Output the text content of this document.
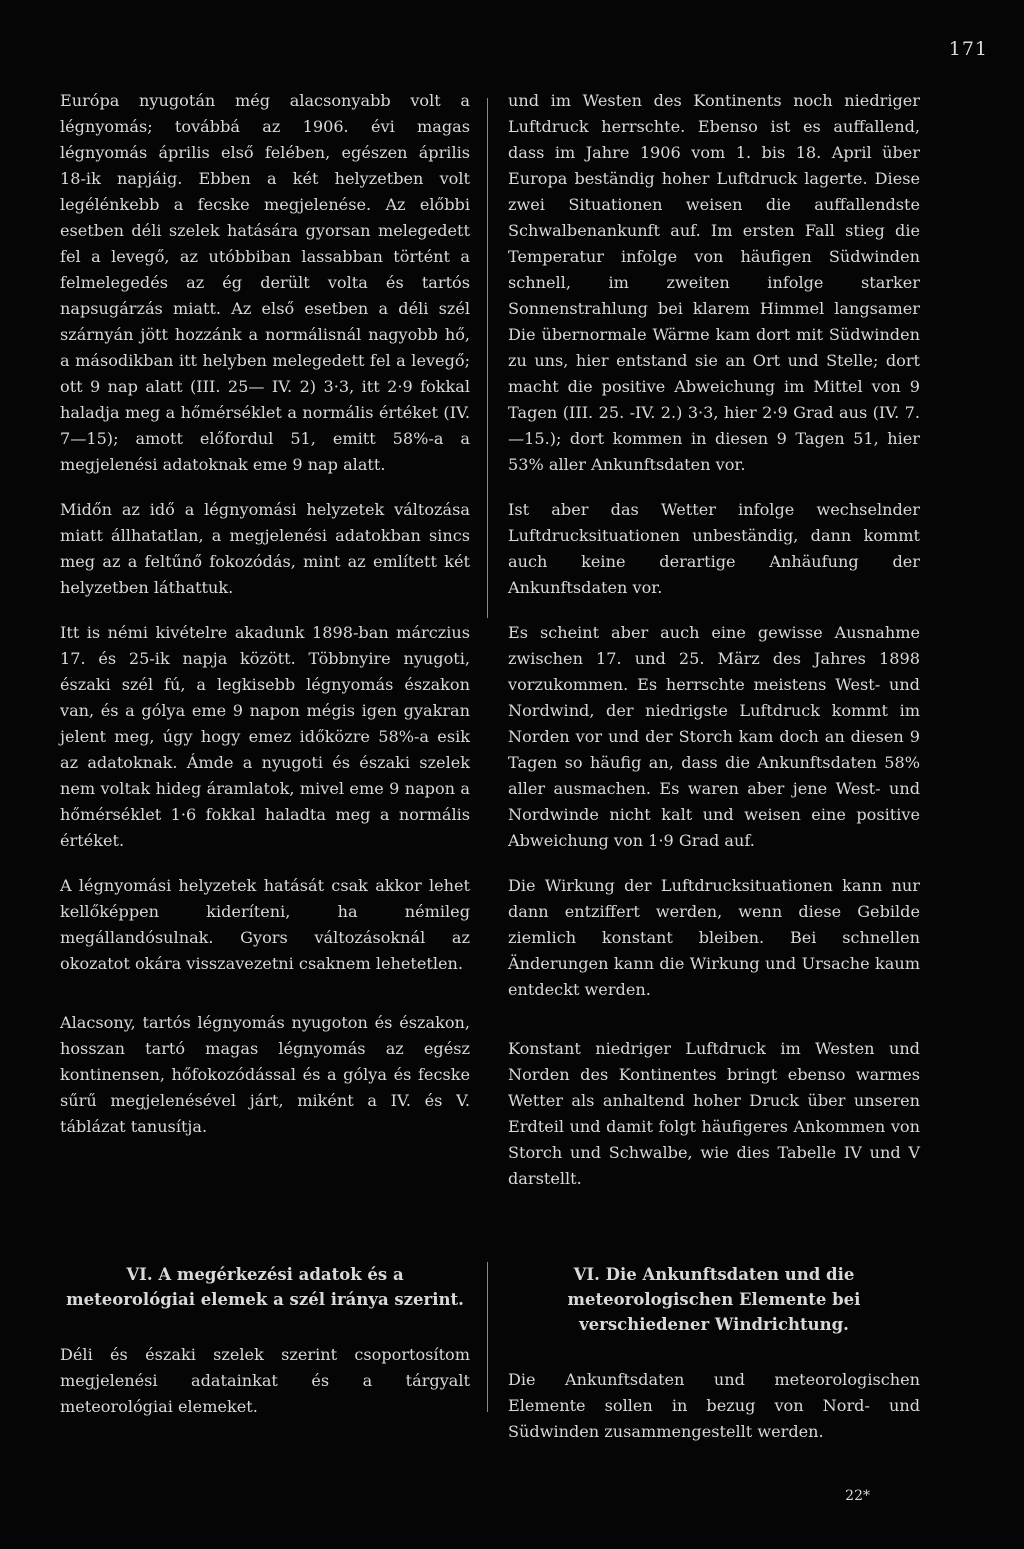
171

Európa nyugotán még alacsonyabb volt a légnyomás; továbbá az 1906. évi magas légnyomás április első felében, egészen április 18-ik napjáig. Ebben a két helyzetben volt legélénkebb a fecske megjelenése. Az előbbi esetben déli szelek hatására gyorsan melegedett fel a levegő, az utóbbiban lassabban történt a felmelegedés az ég derült volta és tartós napsugárzás miatt. Az első esetben a déli szél szárnyán jött hozzánk a normálisnál nagyobb hő, a másodikban itt helyben melegedett fel a levegő; ott 9 nap alatt (III. 25— IV. 2) 3·3, itt 2·9 fokkal haladja meg a hőmérséklet a normális értéket (IV. 7—15); amott előfordul 51, emitt 58%-a a megjelenési adatoknak eme 9 nap alatt.

Midőn az idő a légnyomási helyzetek változása miatt állhatatlan, a megjelenési adatokban sincs meg az a feltűnő fokozódás, mint az említett két helyzetben láthattuk.

Itt is némi kivételre akadunk 1898-ban márczius 17. és 25-ik napja között. Többnyire nyugoti, északi szél fú, a legkisebb légnyomás északon van, és a gólya eme 9 napon mégis igen gyakran jelent meg, úgy hogy emez időközre 58%-a esik az adatoknak. Ámde a nyugoti és északi szelek nem voltak hideg áramlatok, mivel eme 9 napon a hőmérséklet 1·6 fokkal haladta meg a normális értéket.

A légnyomási helyzetek hatását csak akkor lehet kellőképpen kideríteni, ha némileg megállandósulnak. Gyors változásoknál az okozatot okára visszavezetni csaknem lehetetlen.

Alacsony, tartós légnyomás nyugoton és északon, hosszan tartó magas légnyomás az egész kontinensen, hőfokozódással és a gólya és fecske sűrű megjelenésével járt, miként a IV. és V. táblázat tanusítja.

und im Westen des Kontinents noch niedriger Luftdruck herrschte. Ebenso ist es auffallend, dass im Jahre 1906 vom 1. bis 18. April über Europa beständig hoher Luftdruck lagerte. Diese zwei Situationen weisen die auffallendste Schwalbenankunft auf. Im ersten Fall stieg die Temperatur infolge von häufigen Südwinden schnell, im zweiten infolge starker Sonnenstrahlung bei klarem Himmel langsamer Die übernormale Wärme kam dort mit Südwinden zu uns, hier entstand sie an Ort und Stelle; dort macht die positive Abweichung im Mittel von 9 Tagen (III. 25. -IV. 2.) 3·3, hier 2·9 Grad aus (IV. 7.—15.); dort kommen in diesen 9 Tagen 51, hier 53% aller Ankunftsdaten vor.

Ist aber das Wetter infolge wechselnder Luftdrucksituationen unbeständig, dann kommt auch keine derartige Anhäufung der Ankunftsdaten vor.

Es scheint aber auch eine gewisse Ausnahme zwischen 17. und 25. März des Jahres 1898 vorzukommen. Es herrschte meistens West- und Nordwind, der niedrigste Luftdruck kommt im Norden vor und der Storch kam doch an diesen 9 Tagen so häufig an, dass die Ankunftsdaten 58% aller ausmachen. Es waren aber jene West- und Nordwinde nicht kalt und weisen eine positive Abweichung von 1·9 Grad auf.

Die Wirkung der Luftdrucksituationen kann nur dann entziffert werden, wenn diese Gebilde ziemlich konstant bleiben. Bei schnellen Änderungen kann die Wirkung und Ursache kaum entdeckt werden.

Konstant niedriger Luftdruck im Westen und Norden des Kontinentes bringt ebenso warmes Wetter als anhaltend hoher Druck über unseren Erdteil und damit folgt häufigeres Ankommen von Storch und Schwalbe, wie dies Tabelle IV und V darstellt.

VI. A megérkezési adatok és a meteorológiai elemek a szél iránya szerint.

Déli és északi szelek szerint csoportosítom megjelenési adatainkat és a tárgyalt meteorológiai elemeket.

VI. Die Ankunftsdaten und die meteorologischen Elemente bei verschiedener Windrichtung.

Die Ankunftsdaten und meteorologischen Elemente sollen in bezug von Nord- und Südwinden zusammengestellt werden.

22*
